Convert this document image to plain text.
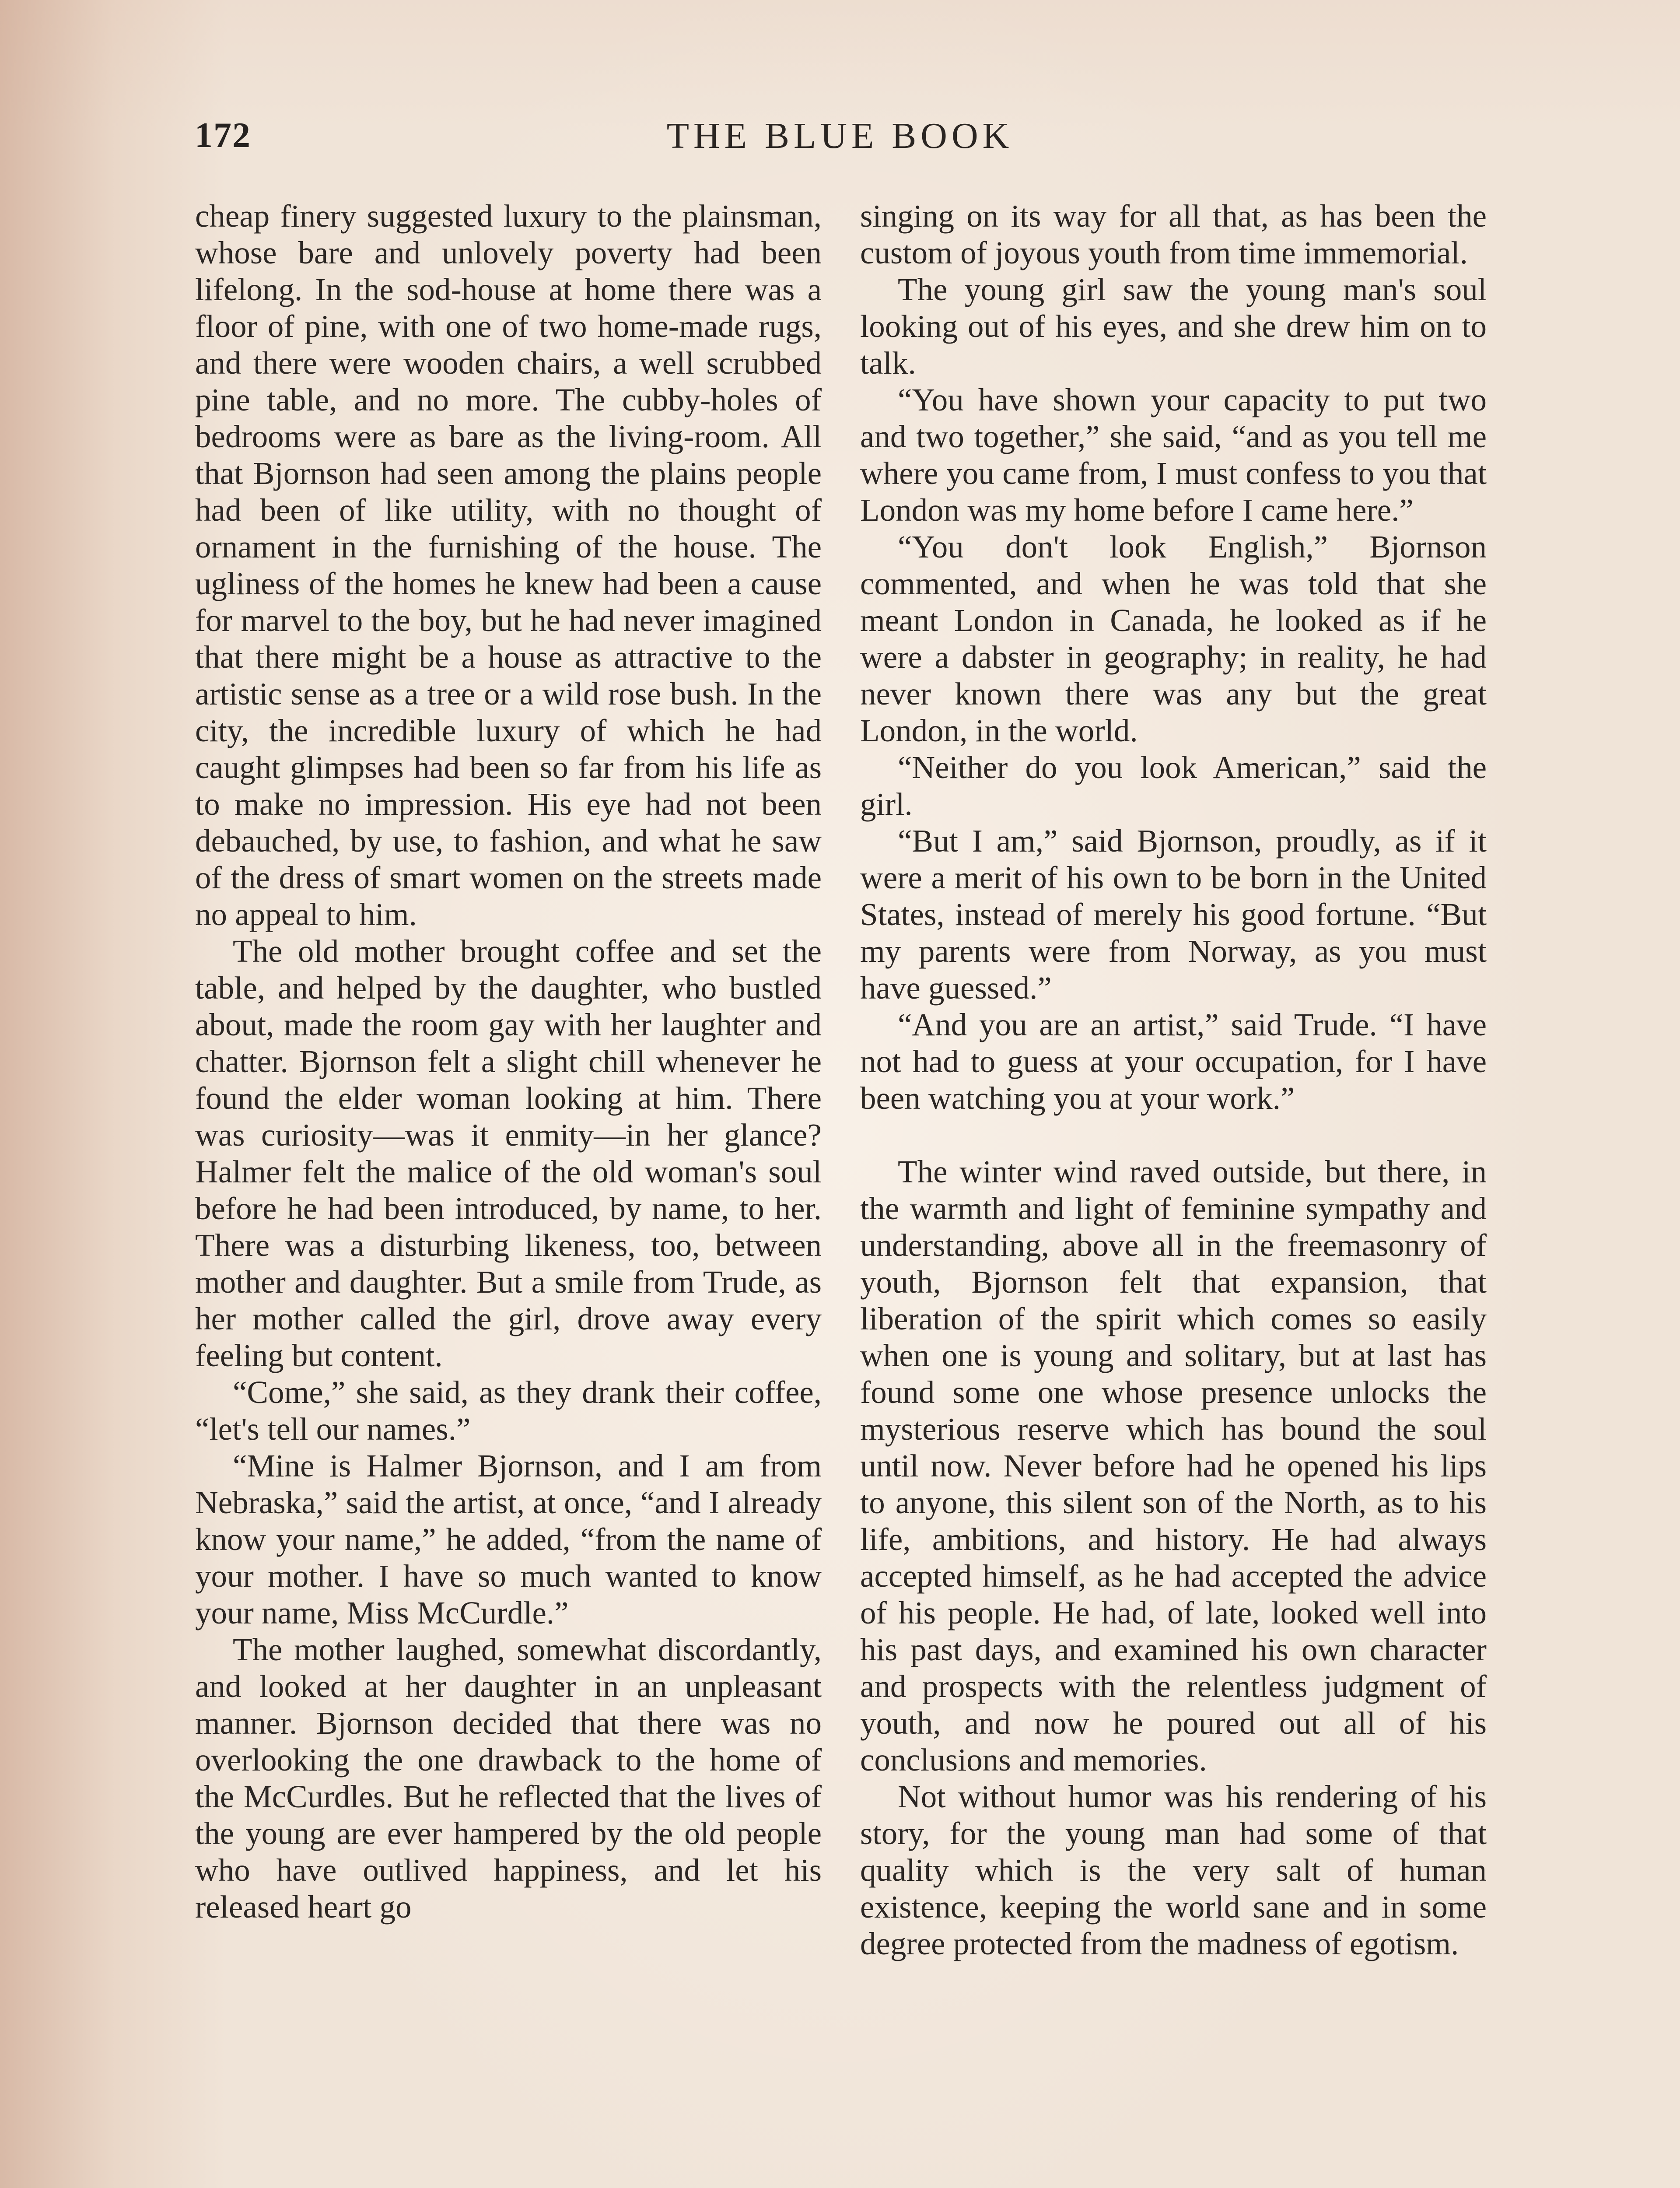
172	THE BLUE BOOK

cheap finery suggested luxury to the plainsman, whose bare and unlovely poverty had been lifelong. In the sod-house at home there was a floor of pine, with one of two home-made rugs, and there were wooden chairs, a well scrubbed pine table, and no more. The cubby-holes of bedrooms were as bare as the living-room. All that Bjornson had seen among the plains people had been of like utility, with no thought of ornament in the furnishing of the house. The ugliness of the homes he knew had been a cause for marvel to the boy, but he had never imagined that there might be a house as attractive to the artistic sense as a tree or a wild rose bush. In the city, the incredible luxury of which he had caught glimpses had been so far from his life as to make no impression. His eye had not been debauched, by use, to fashion, and what he saw of the dress of smart women on the streets made no appeal to him.

The old mother brought coffee and set the table, and helped by the daughter, who bustled about, made the room gay with her laughter and chatter. Bjornson felt a slight chill whenever he found the elder woman looking at him. There was curiosity—was it enmity—in her glance? Halmer felt the malice of the old woman's soul before he had been introduced, by name, to her. There was a disturbing likeness, too, between mother and daughter. But a smile from Trude, as her mother called the girl, drove away every feeling but content.

“Come,” she said, as they drank their coffee, “let's tell our names.”

“Mine is Halmer Bjornson, and I am from Nebraska,” said the artist, at once, “and I already know your name,” he added, “from the name of your mother. I have so much wanted to know your name, Miss McCurdle.”

The mother laughed, somewhat discordantly, and looked at her daughter in an unpleasant manner. Bjornson decided that there was no overlooking the one drawback to the home of the McCurdles. But he reflected that the lives of the young are ever hampered by the old people who have outlived happiness, and let his released heart go

singing on its way for all that, as has been the custom of joyous youth from time immemorial.

The young girl saw the young man's soul looking out of his eyes, and she drew him on to talk.

“You have shown your capacity to put two and two together,” she said, “and as you tell me where you came from, I must confess to you that London was my home before I came here.”

“You don't look English,” Bjornson commented, and when he was told that she meant London in Canada, he looked as if he were a dabster in geography; in reality, he had never known there was any but the great London, in the world.

“Neither do you look American,” said the girl.

“But I am,” said Bjornson, proudly, as if it were a merit of his own to be born in the United States, instead of merely his good fortune. “But my parents were from Norway, as you must have guessed.”

“And you are an artist,” said Trude. “I have not had to guess at your occupation, for I have been watching you at your work.”

The winter wind raved outside, but there, in the warmth and light of feminine sympathy and understanding, above all in the freemasonry of youth, Bjornson felt that expansion, that liberation of the spirit which comes so easily when one is young and solitary, but at last has found some one whose presence unlocks the mysterious reserve which has bound the soul until now. Never before had he opened his lips to anyone, this silent son of the North, as to his life, ambitions, and history. He had always accepted himself, as he had accepted the advice of his people. He had, of late, looked well into his past days, and examined his own character and prospects with the relentless judgment of youth, and now he poured out all of his conclusions and memories.

Not without humor was his rendering of his story, for the young man had some of that quality which is the very salt of human existence, keeping the world sane and in some degree protected from the madness of egotism.
